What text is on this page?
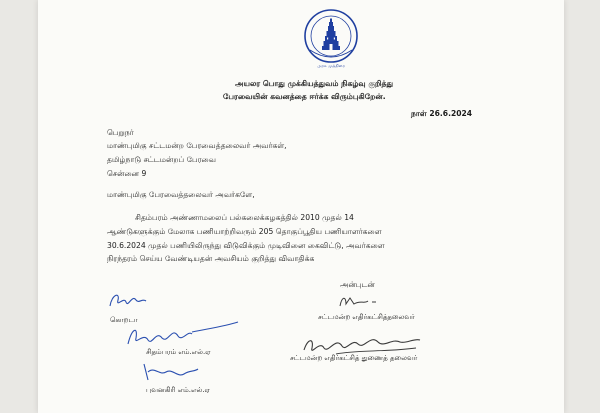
அரசு முத்திரை
அயலர பொது முக்கியத்துவம் நிகழ்வு குறித்து
பேரவையின் கவனத்தை ஈர்க்க விரும்புகிறேன்.
நாள் 26.6.2024
பெறுநர்
மாண்புமிகு சட்டமன்ற பேரவைத்தலைவர் அவர்கள்,
தமிழ்நாடு சட்டமன்றப் பேரவை
சென்னை 9
மாண்புமிகு பேரவைத்தலைவர் அவர்களே,
சிதம்பரம் அண்ணாமலைப் பல்கலைக்கழகத்தில் 2010 முதல் 14
ஆண்டுகளுக்கும் மேலாக பணியாற்றிவரும் 205 தொகுப்பூதிய பணியாளர்களை
30.6.2024 முதல் பணியிலிருந்து விடுவிக்கும் முடிவினை கைவிட்டு, அவர்களை
நிரந்தரம் செய்ய வேண்டியதன் அவசியம் குறித்து விவாதிக்க
அன்புடன்
கொறடா
சிதம்பரம் எம்.எல்.ஏ
புவனகிரி எம்.எல்.ஏ
சட்டமன்ற எதிர்கட்சித்தலைவர்
சட்டமன்ற எதிர்கட்சித் துணைத் தலைவர்
